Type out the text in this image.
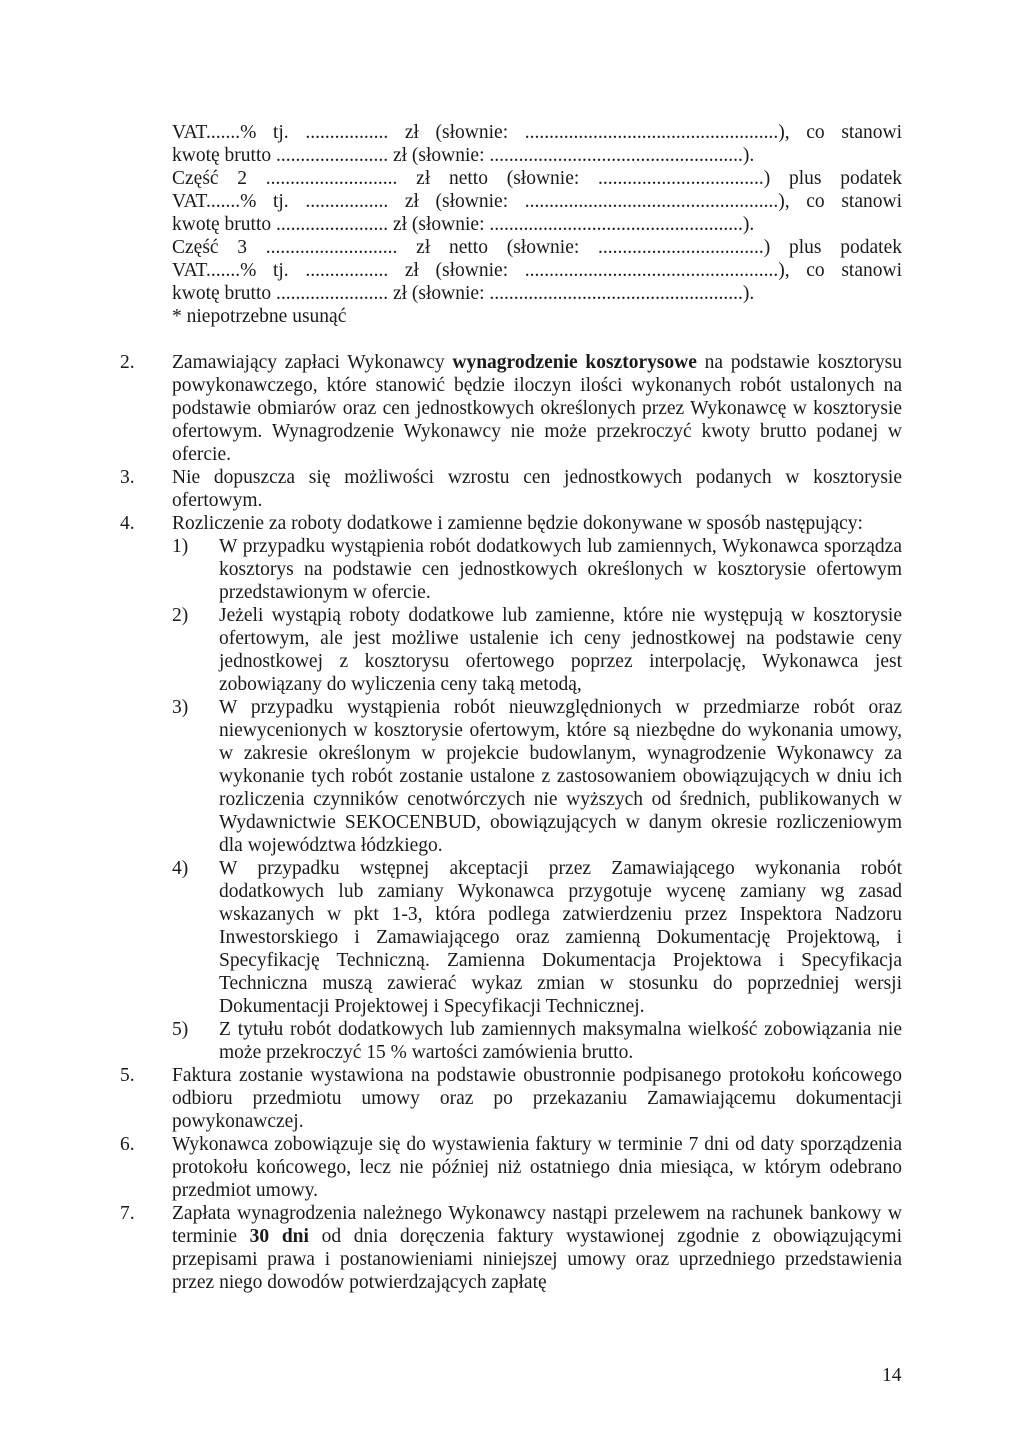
VAT.......% tj. ................. zł (słownie: ....................................................), co stanowi
kwotę brutto ....................... zł (słownie: ....................................................).
Część 2 ........................... zł netto (słownie: ..................................) plus podatek
VAT.......% tj. ................. zł (słownie: ....................................................), co stanowi
kwotę brutto ....................... zł (słownie: ....................................................).
Część 3 ........................... zł netto (słownie: ..................................) plus podatek
VAT.......% tj. ................. zł (słownie: ....................................................), co stanowi
kwotę brutto ....................... zł (słownie: ....................................................).
* niepotrzebne usunąć
2. Zamawiający zapłaci Wykonawcy wynagrodzenie kosztorysowe na podstawie kosztorysu powykonawczego, które stanowić będzie iloczyn ilości wykonanych robót ustalonych na podstawie obmiarów oraz cen jednostkowych określonych przez Wykonawcę w kosztorysie ofertowym. Wynagrodzenie Wykonawcy nie może przekroczyć kwoty brutto podanej w ofercie.
3. Nie dopuszcza się możliwości wzrostu cen jednostkowych podanych w kosztorysie ofertowym.
4. Rozliczenie za roboty dodatkowe i zamienne będzie dokonywane w sposób następujący:
1) W przypadku wystąpienia robót dodatkowych lub zamiennych, Wykonawca sporządza kosztorys na podstawie cen jednostkowych określonych w kosztorysie ofertowym przedstawionym w ofercie.
2) Jeżeli wystąpią roboty dodatkowe lub zamienne, które nie występują w kosztorysie ofertowym, ale jest możliwe ustalenie ich ceny jednostkowej na podstawie ceny jednostkowej z kosztorysu ofertowego poprzez interpolację, Wykonawca jest zobowiązany do wyliczenia ceny taką metodą,
3) W przypadku wystąpienia robót nieuwzględnionych w przedmiarze robót oraz niewycenionych w kosztorysie ofertowym, które są niezbędne do wykonania umowy, w zakresie określonym w projekcie budowlanym, wynagrodzenie Wykonawcy za wykonanie tych robót zostanie ustalone z zastosowaniem obowiązujących w dniu ich rozliczenia czynników cenotwórczych nie wyższych od średnich, publikowanych w Wydawnictwie SEKOCENBUD, obowiązujących w danym okresie rozliczeniowym dla województwa łódzkiego.
4) W przypadku wstępnej akceptacji przez Zamawiającego wykonania robót dodatkowych lub zamiany Wykonawca przygotuje wycenę zamiany wg zasad wskazanych w pkt 1-3, która podlega zatwierdzeniu przez Inspektora Nadzoru Inwestorskiego i Zamawiającego oraz zamienną Dokumentację Projektową, i Specyfikację Techniczną. Zamienna Dokumentacja Projektowa i Specyfikacja Techniczna muszą zawierać wykaz zmian w stosunku do poprzedniej wersji Dokumentacji Projektowej i Specyfikacji Technicznej.
5) Z tytułu robót dodatkowych lub zamiennych maksymalna wielkość zobowiązania nie może przekroczyć 15 % wartości zamówienia brutto.
5. Faktura zostanie wystawiona na podstawie obustronnie podpisanego protokołu końcowego odbioru przedmiotu umowy oraz po przekazaniu Zamawiającemu dokumentacji powykonawczej.
6. Wykonawca zobowiązuje się do wystawienia faktury w terminie 7 dni od daty sporządzenia protokołu końcowego, lecz nie później niż ostatniego dnia miesiąca, w którym odebrano przedmiot umowy.
7. Zapłata wynagrodzenia należnego Wykonawcy nastąpi przelewem na rachunek bankowy w terminie 30 dni od dnia doręczenia faktury wystawionej zgodnie z obowiązującymi przepisami prawa i postanowieniami niniejszej umowy oraz uprzedniego przedstawienia przez niego dowodów potwierdzających zapłatę
14
